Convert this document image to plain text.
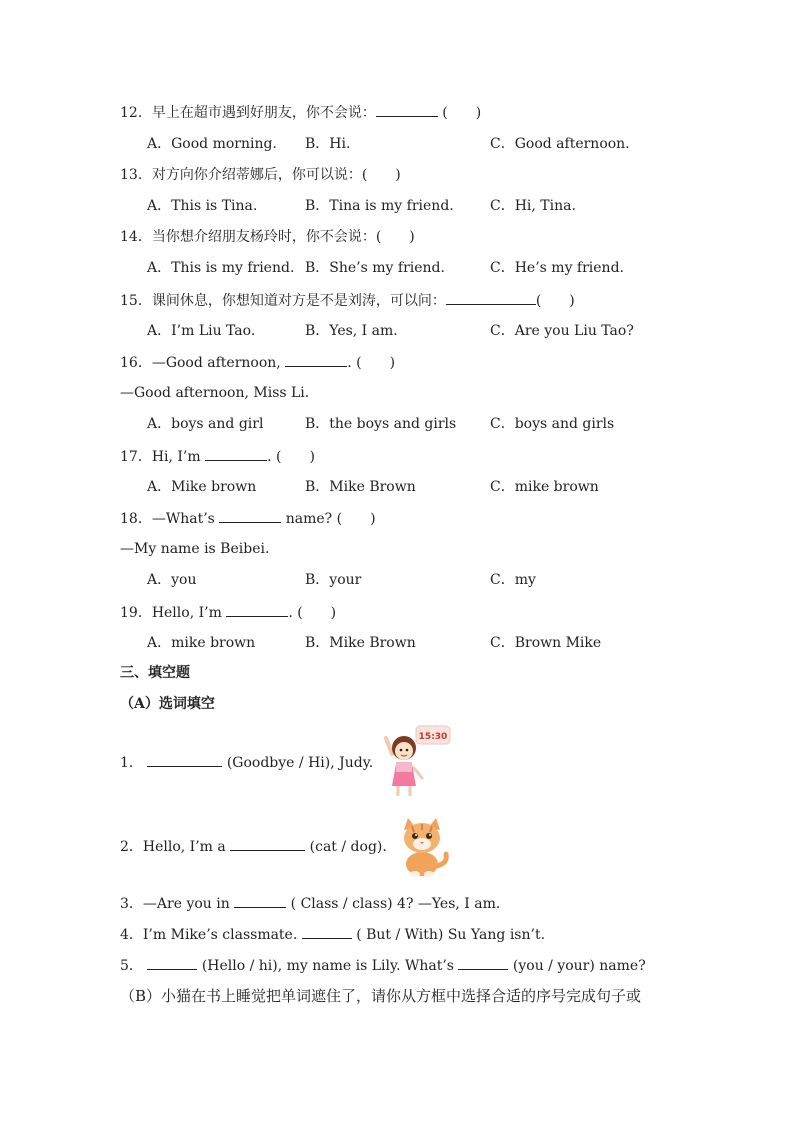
12．早上在超市遇到好朋友，你不会说：	(　　)
A．Good morning. B．Hi.	C．Good afternoon.
13．对方向你介绍蒂娜后，你可以说：(　　)
A．This is Tina.	B．Tina is my friend.	C．Hi, Tina.
14．当你想介绍朋友杨玲时，你不会说：(　　)
A．This is my friend. B．She’s my friend.	C．He’s my friend.
15．课间休息，你想知道对方是不是刘涛，可以问：	(　　)
A．I’m Liu Tao.	B．Yes, I am.	C．Are you Liu Tao?
16．—Good afternoon,	. (　　)
—Good afternoon, Miss Li.
A．boys and girl	B．the boys and girls C．boys and girls
17．Hi, I’m	. (　　)
A．Mike brown	B．Mike Brown	C．mike brown
18．—What’s	name? (　　)
—My name is Beibei.
A．you	B．your	C．my
19．Hello, I’m	. (　　)
A．mike brown	B．Mike Brown	C．Brown Mike
三、填空题
（A）选词填空
1．	(Goodbye / Hi), Judy.
15:30
2．Hello, I’m a	(cat / dog).
3．—Are you in	( Class / class) 4? —Yes, I am.
4．I’m Mike’s classmate.	( But / With) Su Yang isn’t.
5．	(Hello / hi), my name is Lily. What’s	(you / your) name?
（B）小猫在书上睡觉把单词遮住了，请你从方框中选择合适的序号完成句子或
